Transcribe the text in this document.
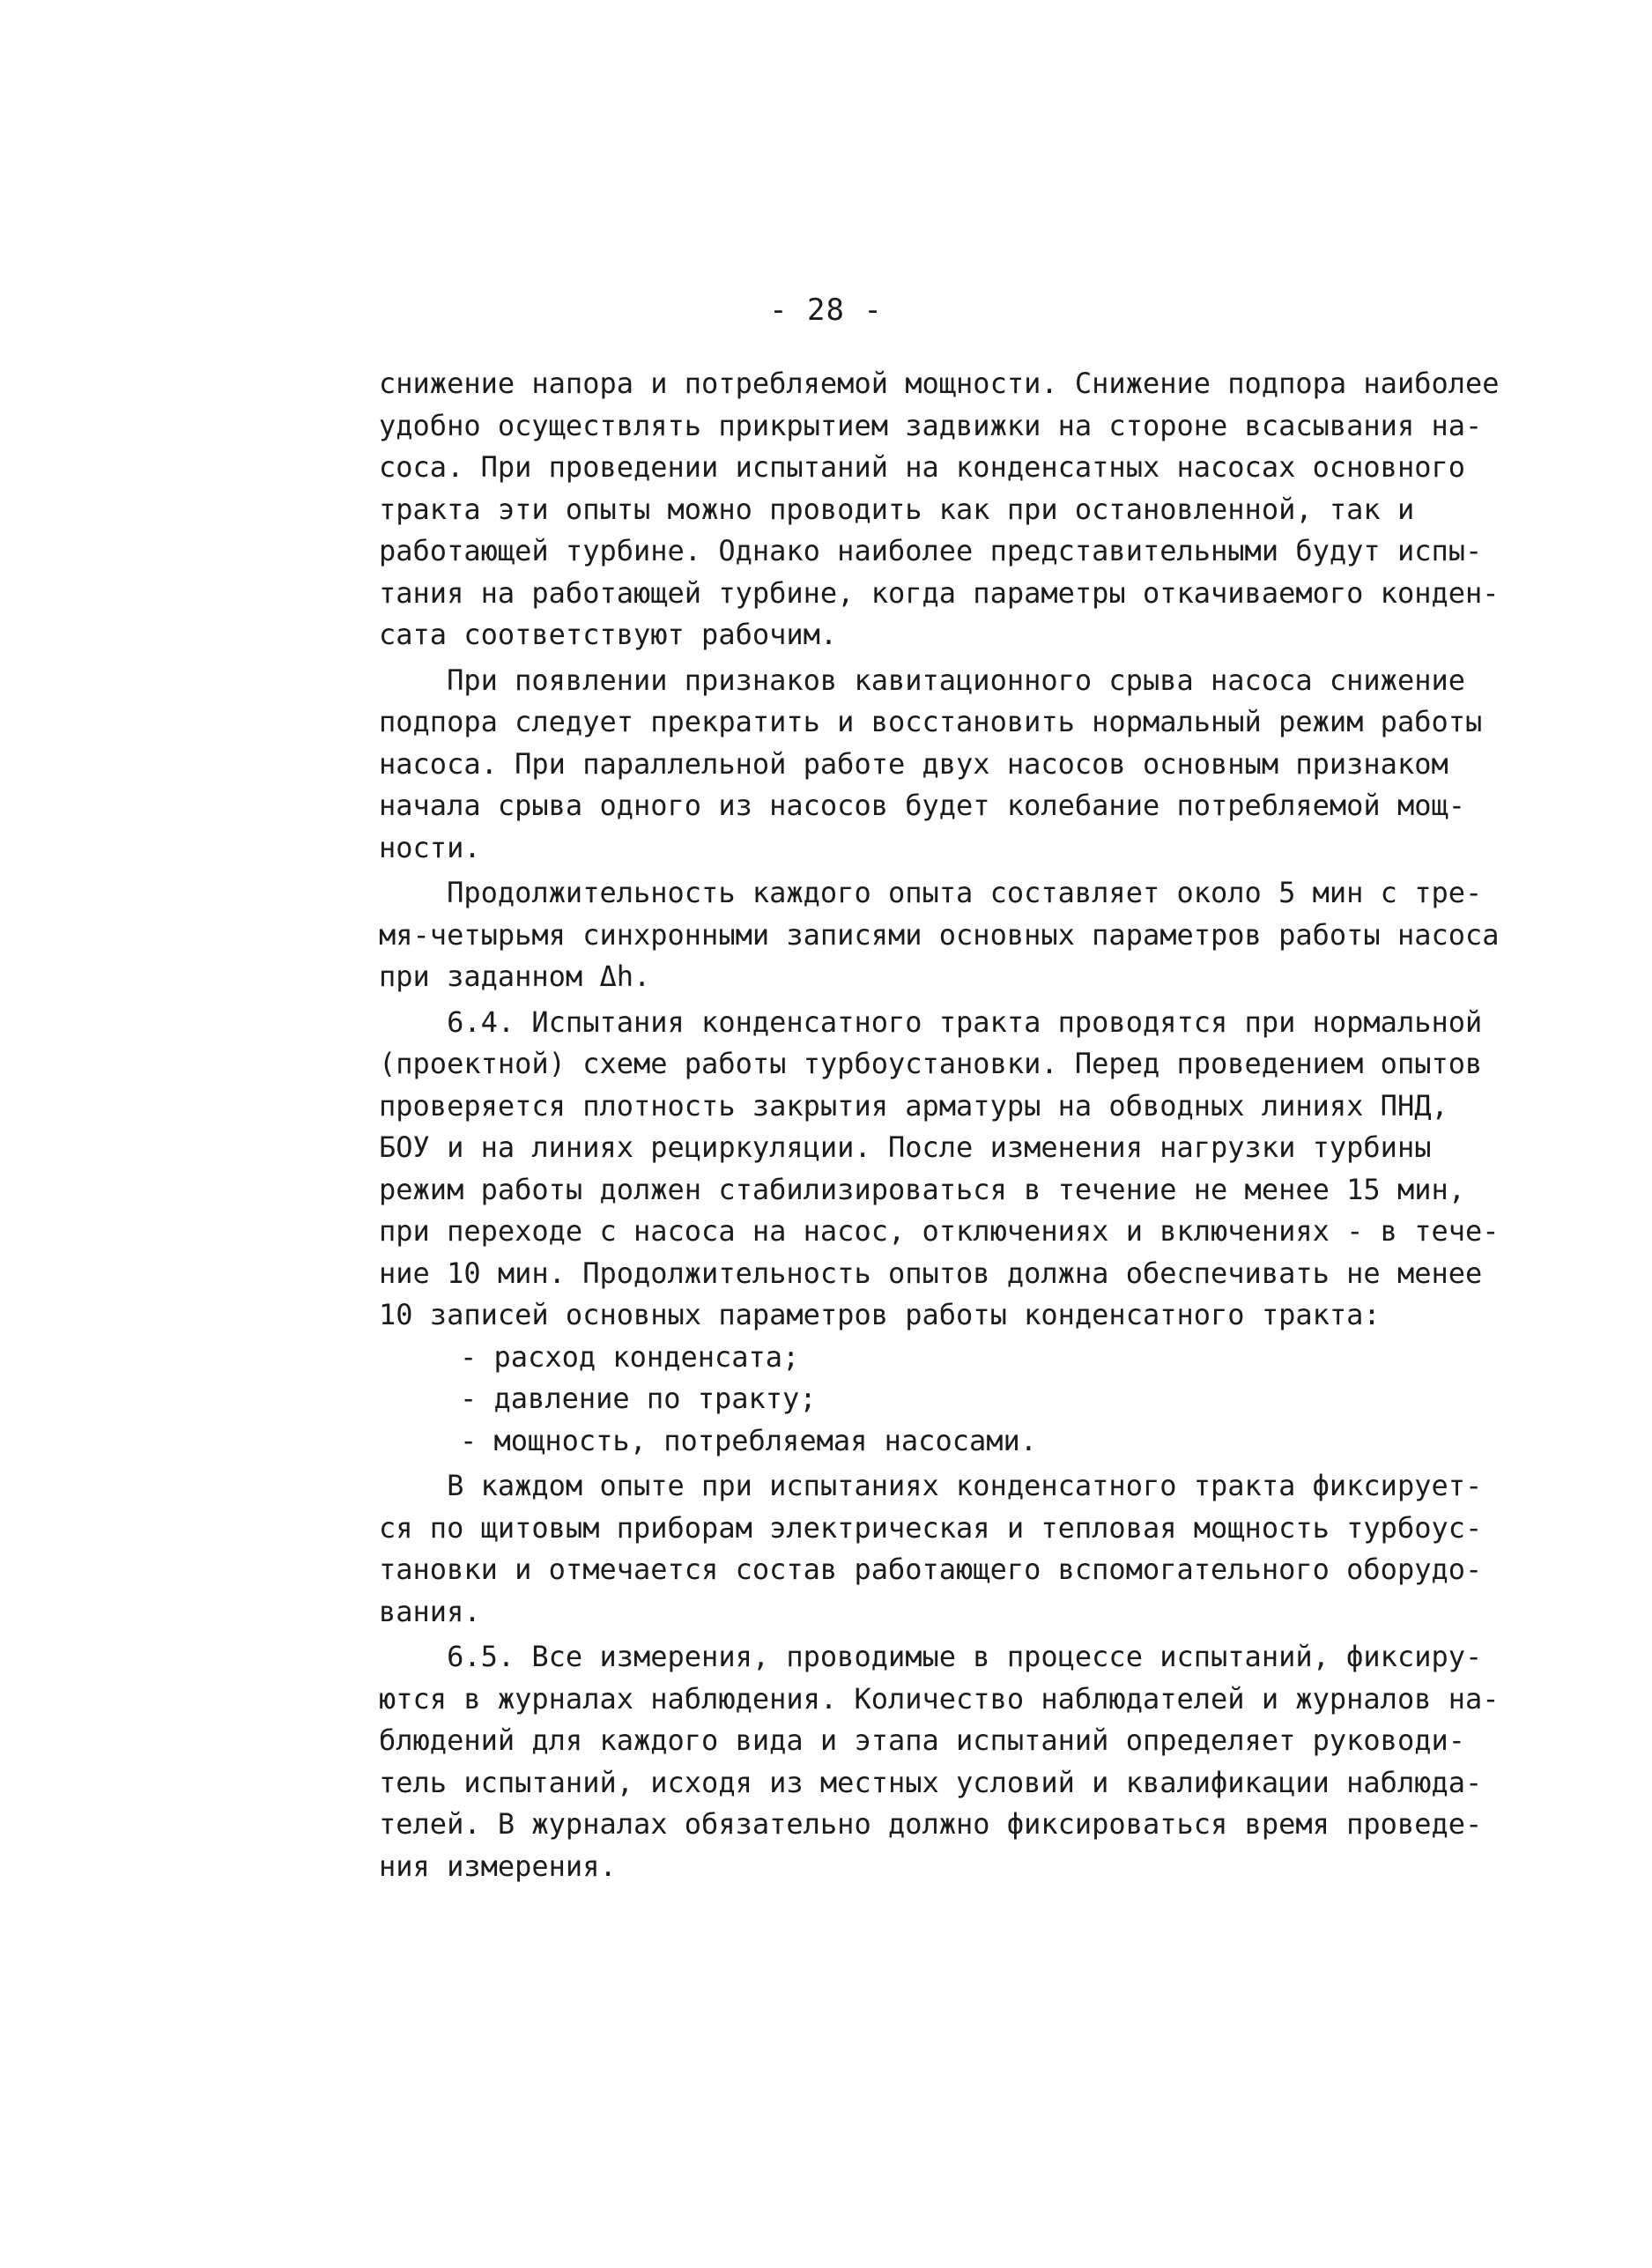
- 28 -
снижение напора и потребляемой мощности. Снижение подпора наиболее
удобно осуществлять прикрытием задвижки на стороне всасывания на-
соса. При проведении испытаний на конденсатных насосах основного
тракта эти опыты можно проводить как при остановленной, так и
работающей турбине. Однако наиболее представительными будут испы-
тания на работающей турбине, когда параметры откачиваемого конден-
сата соответствуют рабочим.
При появлении признаков кавитационного срыва насоса снижение
подпора следует прекратить и восстановить нормальный режим работы
насоса. При параллельной работе двух насосов основным признаком
начала срыва одного из насосов будет колебание потребляемой мощ-
ности.
Продолжительность каждого опыта составляет около 5 мин с тре-
мя-четырьмя синхронными записями основных параметров работы насоса
при заданном Δh.
6.4. Испытания конденсатного тракта проводятся при нормальной
(проектной) схеме работы турбоустановки. Перед проведением опытов
проверяется плотность закрытия арматуры на обводных линиях ПНД,
БОУ и на линиях рециркуляции. После изменения нагрузки турбины
режим работы должен стабилизироваться в течение не менее 15 мин,
при переходе с насоса на насос, отключениях и включениях - в тече-
ние 10 мин. Продолжительность опытов должна обеспечивать не менее
10 записей основных параметров работы конденсатного тракта:
- расход конденсата;
- давление по тракту;
- мощность, потребляемая насосами.
В каждом опыте при испытаниях конденсатного тракта фиксирует-
ся по щитовым приборам электрическая и тепловая мощность турбоус-
тановки и отмечается состав работающего вспомогательного оборудо-
вания.
6.5. Все измерения, проводимые в процессе испытаний, фиксиру-
ются в журналах наблюдения. Количество наблюдателей и журналов на-
блюдений для каждого вида и этапа испытаний определяет руководи-
тель испытаний, исходя из местных условий и квалификации наблюда-
телей. В журналах обязательно должно фиксироваться время проведе-
ния измерения.
